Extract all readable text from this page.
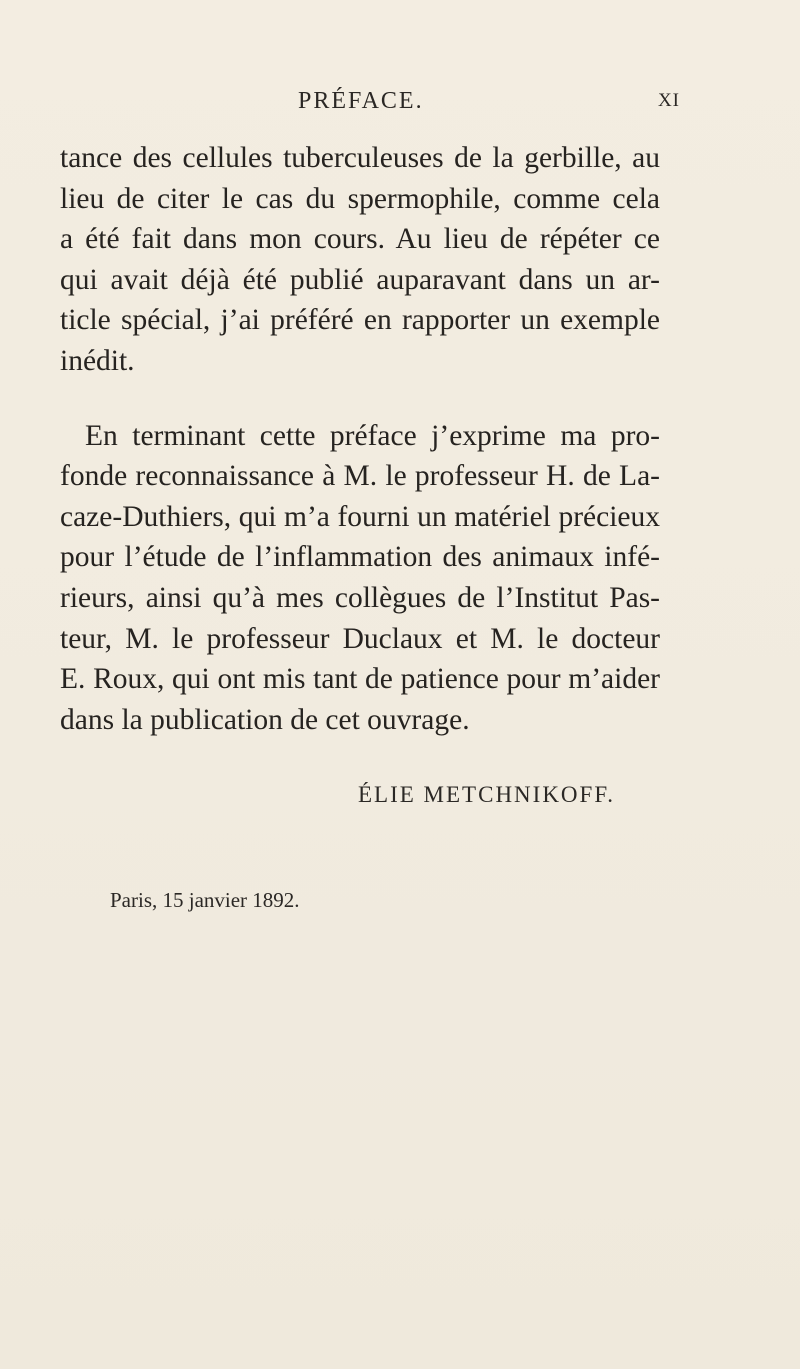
PRÉFACE.	XI
tance des cellules tuberculeuses de la gerbille, au
lieu de citer le cas du spermophile, comme cela
a été fait dans mon cours. Au lieu de répéter ce
qui avait déjà été publié auparavant dans un ar-
ticle spécial, j’ai préféré en rapporter un exemple
inédit.
En terminant cette préface j’exprime ma pro-
fonde reconnaissance à M. le professeur H. de La-
caze-Duthiers, qui m’a fourni un matériel précieux
pour l’étude de l’inflammation des animaux infé-
rieurs, ainsi qu’à mes collègues de l’Institut Pas-
teur, M. le professeur Duclaux et M. le docteur
E. Roux, qui ont mis tant de patience pour m’aider
dans la publication de cet ouvrage.
ÉLIE METCHNIKOFF.
Paris, 15 janvier 1892.
